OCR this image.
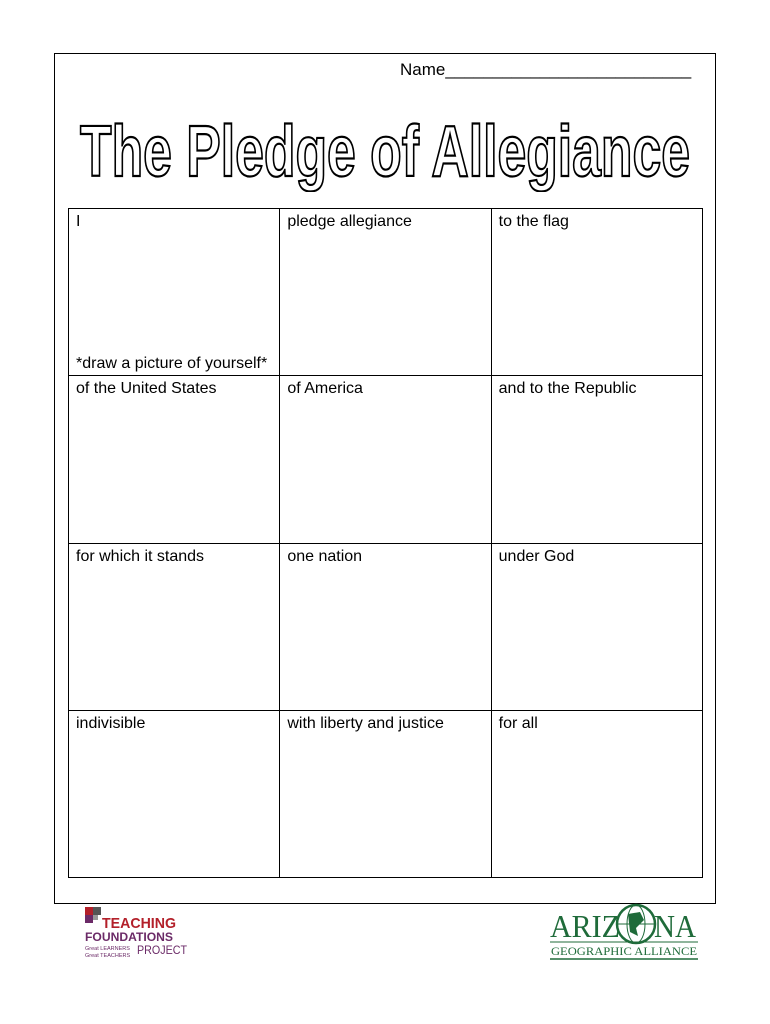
Name__________________________
The Pledge of Allegiance
I
*draw a picture of yourself*	pledge allegiance	to the flag
of the United States	of America	and to the Republic
for which it stands	one nation	under God
indivisible	with liberty and justice	for all
TEACHING
FOUNDATIONS
Great LEARNERS
Great TEACHERS PROJECT
ARIZ NA
GEOGRAPHIC ALLIANCE
